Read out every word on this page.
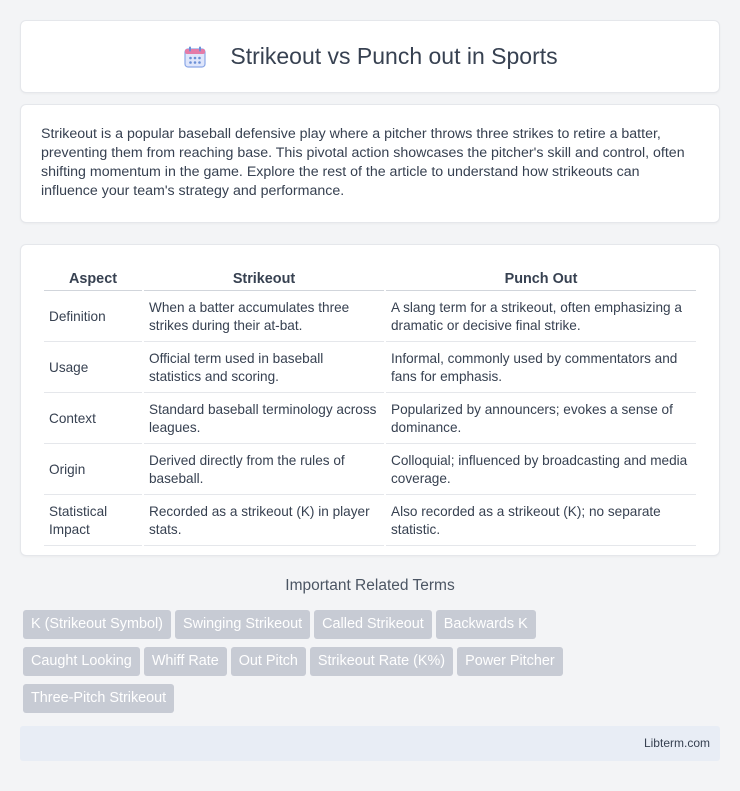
Strikeout vs Punch out in Sports

Strikeout is a popular baseball defensive play where a pitcher throws three strikes to retire a batter, preventing them from reaching base. This pivotal action showcases the pitcher's skill and control, often shifting momentum in the game. Explore the rest of the article to understand how strikeouts can influence your team's strategy and performance.

Aspect	Strikeout	Punch Out
Definition	When a batter accumulates three strikes during their at-bat.	A slang term for a strikeout, often emphasizing a dramatic or decisive final strike.
Usage	Official term used in baseball statistics and scoring.	Informal, commonly used by commentators and fans for emphasis.
Context	Standard baseball terminology across leagues.	Popularized by announcers; evokes a sense of dominance.
Origin	Derived directly from the rules of baseball.	Colloquial; influenced by broadcasting and media coverage.
Statistical Impact	Recorded as a strikeout (K) in player stats.	Also recorded as a strikeout (K); no separate statistic.
Important Related Terms
K (Strikeout Symbol) Swinging Strikeout Called Strikeout Backwards K
Caught Looking Whiff Rate Out Pitch Strikeout Rate (K%) Power Pitcher
Three-Pitch Strikeout
Libterm.com
